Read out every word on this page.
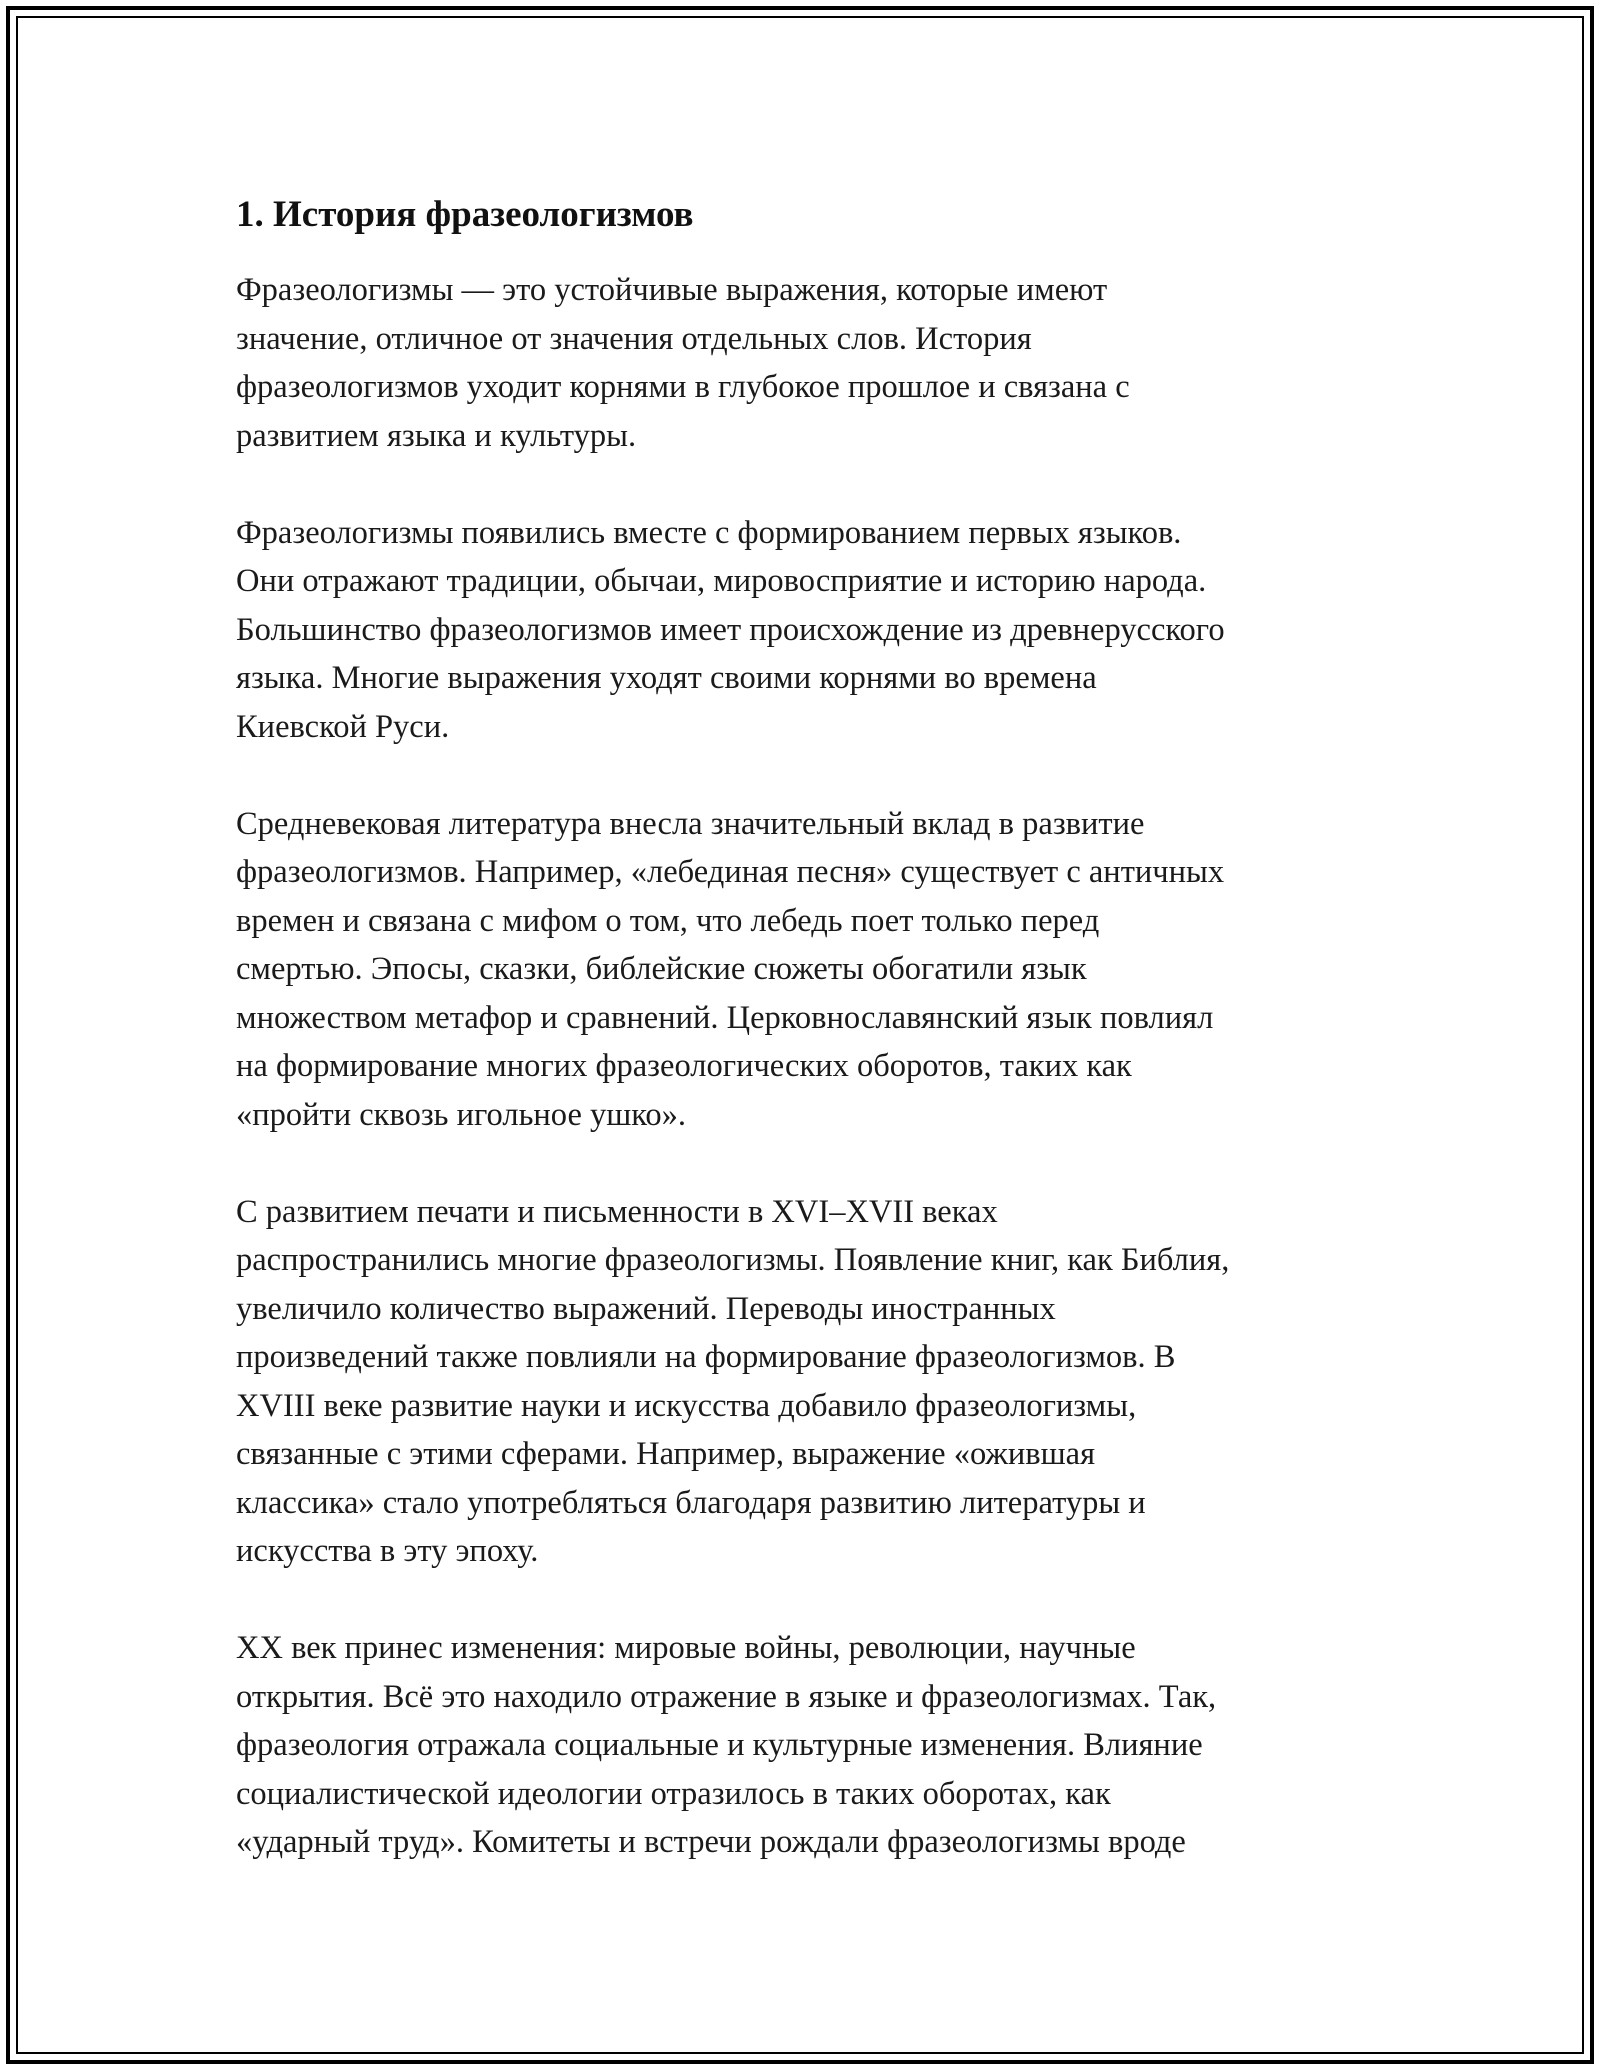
1. История фразеологизмов

Фразеологизмы — это устойчивые выражения, которые имеют
значение, отличное от значения отдельных слов. История
фразеологизмов уходит корнями в глубокое прошлое и связана с
развитием языка и культуры.

Фразеологизмы появились вместе с формированием первых языков.
Они отражают традиции, обычаи, мировосприятие и историю народа.
Большинство фразеологизмов имеет происхождение из древнерусского
языка. Многие выражения уходят своими корнями во времена
Киевской Руси.

Средневековая литература внесла значительный вклад в развитие
фразеологизмов. Например, «лебединая песня» существует с античных
времен и связана с мифом о том, что лебедь поет только перед
смертью. Эпосы, сказки, библейские сюжеты обогатили язык
множеством метафор и сравнений. Церковнославянский язык повлиял
на формирование многих фразеологических оборотов, таких как
«пройти сквозь игольное ушко».

С развитием печати и письменности в XVI–XVII веках
распространились многие фразеологизмы. Появление книг, как Библия,
увеличило количество выражений. Переводы иностранных
произведений также повлияли на формирование фразеологизмов. В
XVIII веке развитие науки и искусства добавило фразеологизмы,
связанные с этими сферами. Например, выражение «ожившая
классика» стало употребляться благодаря развитию литературы и
искусства в эту эпоху.

XX век принес изменения: мировые войны, революции, научные
открытия. Всё это находило отражение в языке и фразеологизмах. Так,
фразеология отражала социальные и культурные изменения. Влияние
социалистической идеологии отразилось в таких оборотах, как
«ударный труд». Комитеты и встречи рождали фразеологизмы вроде
